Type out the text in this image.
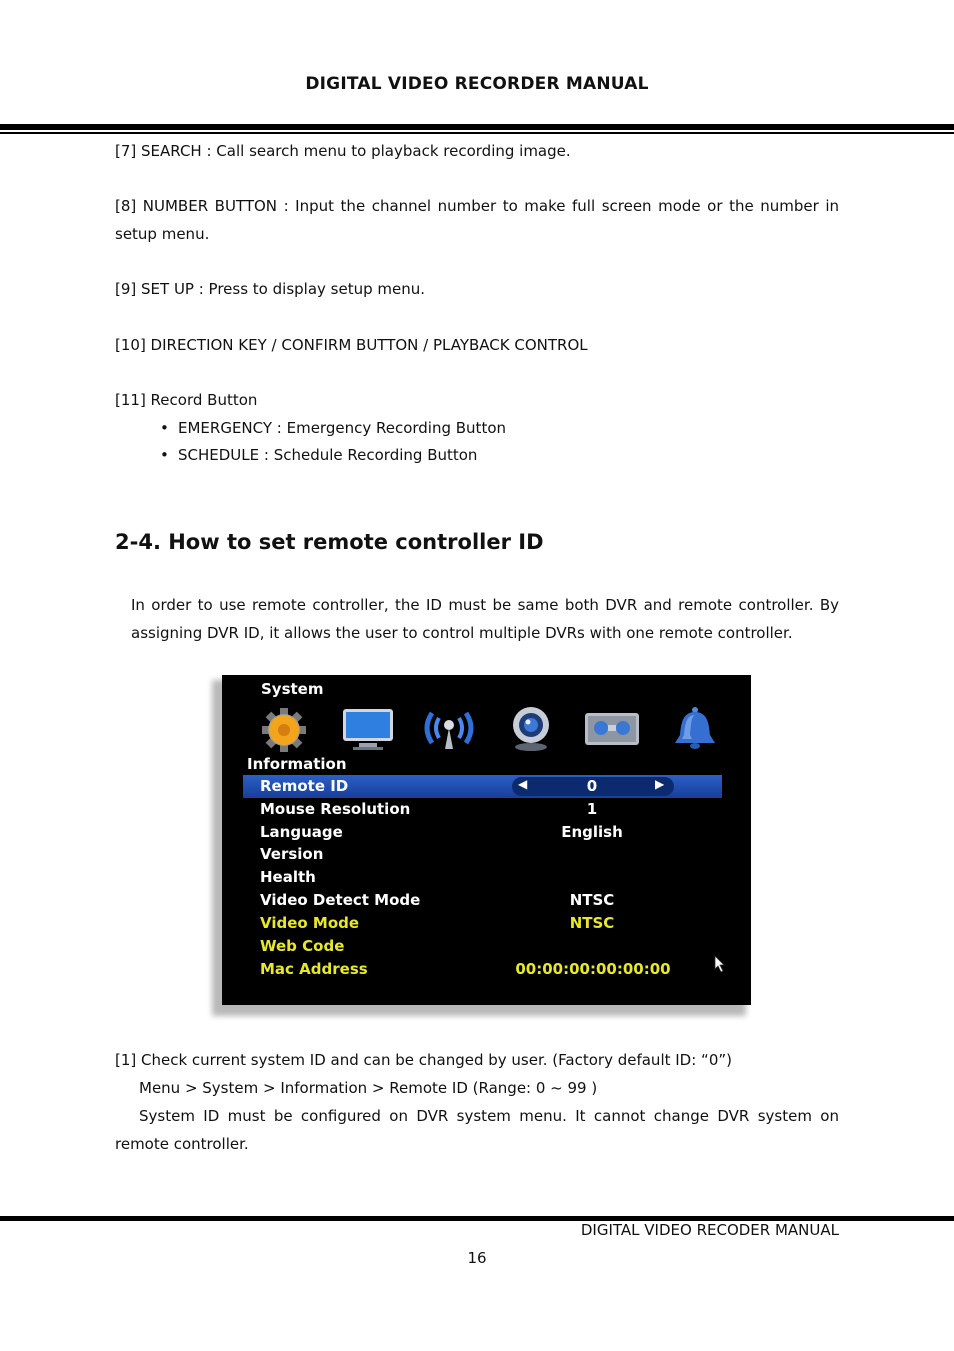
DIGITAL VIDEO RECORDER MANUAL
[7] SEARCH : Call search menu to playback recording image.
[8] NUMBER BUTTON : Input the channel number to make full screen mode or the number in setup menu.
[9] SET UP : Press to display setup menu.
[10] DIRECTION KEY / CONFIRM BUTTON / PLAYBACK CONTROL
[11] Record Button
• EMERGENCY : Emergency Recording Button
• SCHEDULE : Schedule Recording Button
2-4. How to set remote controller ID
In order to use remote controller, the ID must be same both DVR and remote controller. By assigning DVR ID, it allows the user to control multiple DVRs with one remote controller.
System
Information
◀	▶
Remote ID	0
Mouse Resolution	1
Language	English
Version
Health
Video Detect Mode	NTSC
Video Mode	NTSC
Web Code
Mac Address	00:00:00:00:00:00
[1] Check current system ID and can be changed by user. (Factory default ID: “0”)
Menu > System > Information > Remote ID (Range: 0 ~ 99 )
System ID must be configured on DVR system menu. It cannot change DVR system on remote controller.
DIGITAL VIDEO RECODER MANUAL
16
